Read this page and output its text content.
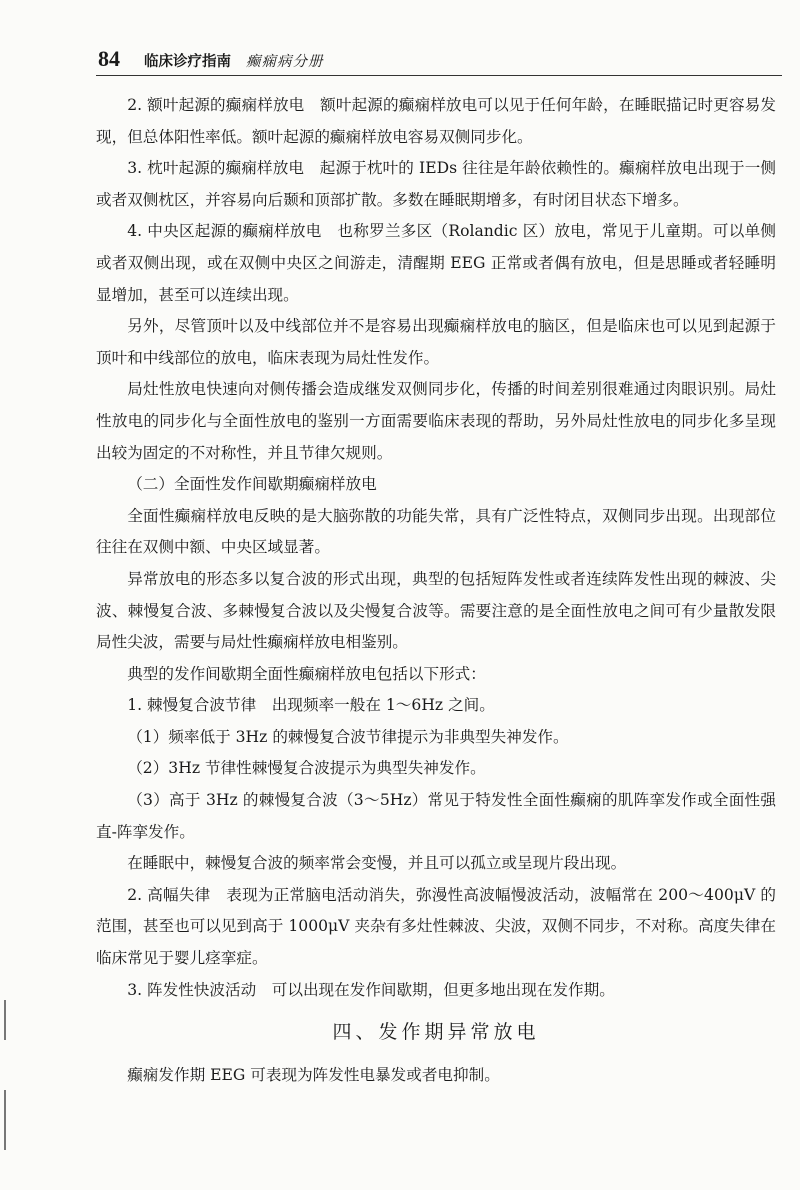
84 临床诊疗指南 癫痫病分册

2. 额叶起源的癫痫样放电　额叶起源的癫痫样放电可以见于任何年龄，在睡眠描记时更容易发现，但总体阳性率低。额叶起源的癫痫样放电容易双侧同步化。

3. 枕叶起源的癫痫样放电　起源于枕叶的 IEDs 往往是年龄依赖性的。癫痫样放电出现于一侧或者双侧枕区，并容易向后颞和顶部扩散。多数在睡眠期增多，有时闭目状态下增多。

4. 中央区起源的癫痫样放电　也称罗兰多区（Rolandic 区）放电，常见于儿童期。可以单侧或者双侧出现，或在双侧中央区之间游走，清醒期 EEG 正常或者偶有放电，但是思睡或者轻睡明显增加，甚至可以连续出现。

另外，尽管顶叶以及中线部位并不是容易出现癫痫样放电的脑区，但是临床也可以见到起源于顶叶和中线部位的放电，临床表现为局灶性发作。

局灶性放电快速向对侧传播会造成继发双侧同步化，传播的时间差别很难通过肉眼识别。局灶性放电的同步化与全面性放电的鉴别一方面需要临床表现的帮助，另外局灶性放电的同步化多呈现出较为固定的不对称性，并且节律欠规则。

（二）全面性发作间歇期癫痫样放电

全面性癫痫样放电反映的是大脑弥散的功能失常，具有广泛性特点，双侧同步出现。出现部位往往在双侧中额、中央区域显著。

异常放电的形态多以复合波的形式出现，典型的包括短阵发性或者连续阵发性出现的棘波、尖波、棘慢复合波、多棘慢复合波以及尖慢复合波等。需要注意的是全面性放电之间可有少量散发限局性尖波，需要与局灶性癫痫样放电相鉴别。

典型的发作间歇期全面性癫痫样放电包括以下形式：

1. 棘慢复合波节律　出现频率一般在 1～6Hz 之间。

（1）频率低于 3Hz 的棘慢复合波节律提示为非典型失神发作。

（2）3Hz 节律性棘慢复合波提示为典型失神发作。

（3）高于 3Hz 的棘慢复合波（3～5Hz）常见于特发性全面性癫痫的肌阵挛发作或全面性强直-阵挛发作。

在睡眠中，棘慢复合波的频率常会变慢，并且可以孤立或呈现片段出现。

2. 高幅失律　表现为正常脑电活动消失，弥漫性高波幅慢波活动，波幅常在 200～400μV 的范围，甚至也可以见到高于 1000μV 夹杂有多灶性棘波、尖波，双侧不同步，不对称。高度失律在临床常见于婴儿痉挛症。

3. 阵发性快波活动　可以出现在发作间歇期，但更多地出现在发作期。

四、发作期异常放电

癫痫发作期 EEG 可表现为阵发性电暴发或者电抑制。
